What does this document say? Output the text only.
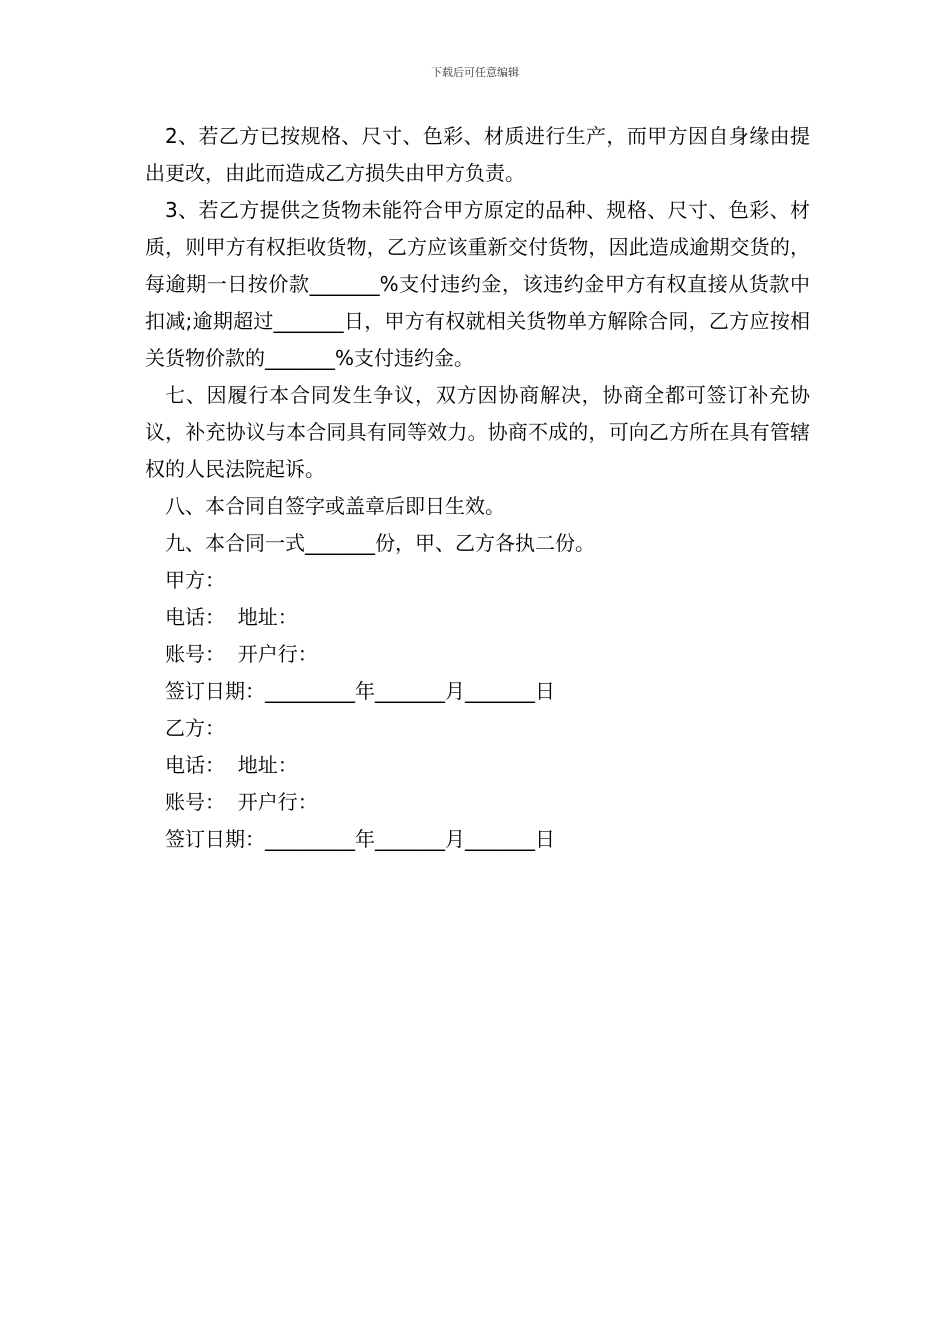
下载后可任意编辑

2、若乙方已按规格、尺寸、色彩、材质进行生产，而甲方因自身缘由提出更改，由此而造成乙方损失由甲方负责。

3、若乙方提供之货物未能符合甲方原定的品种、规格、尺寸、色彩、材质，则甲方有权拒收货物，乙方应该重新交付货物，因此造成逾期交货的，每逾期一日按价款_______%支付违约金，该违约金甲方有权直接从货款中扣减;逾期超过_______日，甲方有权就相关货物单方解除合同，乙方应按相关货物价款的_______%支付违约金。

七、因履行本合同发生争议，双方因协商解决，协商全都可签订补充协议，补充协议与本合同具有同等效力。协商不成的，可向乙方所在具有管辖权的人民法院起诉。

八、本合同自签字或盖章后即日生效。

九、本合同一式_______份，甲、乙方各执二份。

甲方：

电话：  地址：

账号：  开户行：

签订日期：_________年_______月_______日

乙方：

电话：  地址：

账号：  开户行：

签订日期：_________年_______月_______日
